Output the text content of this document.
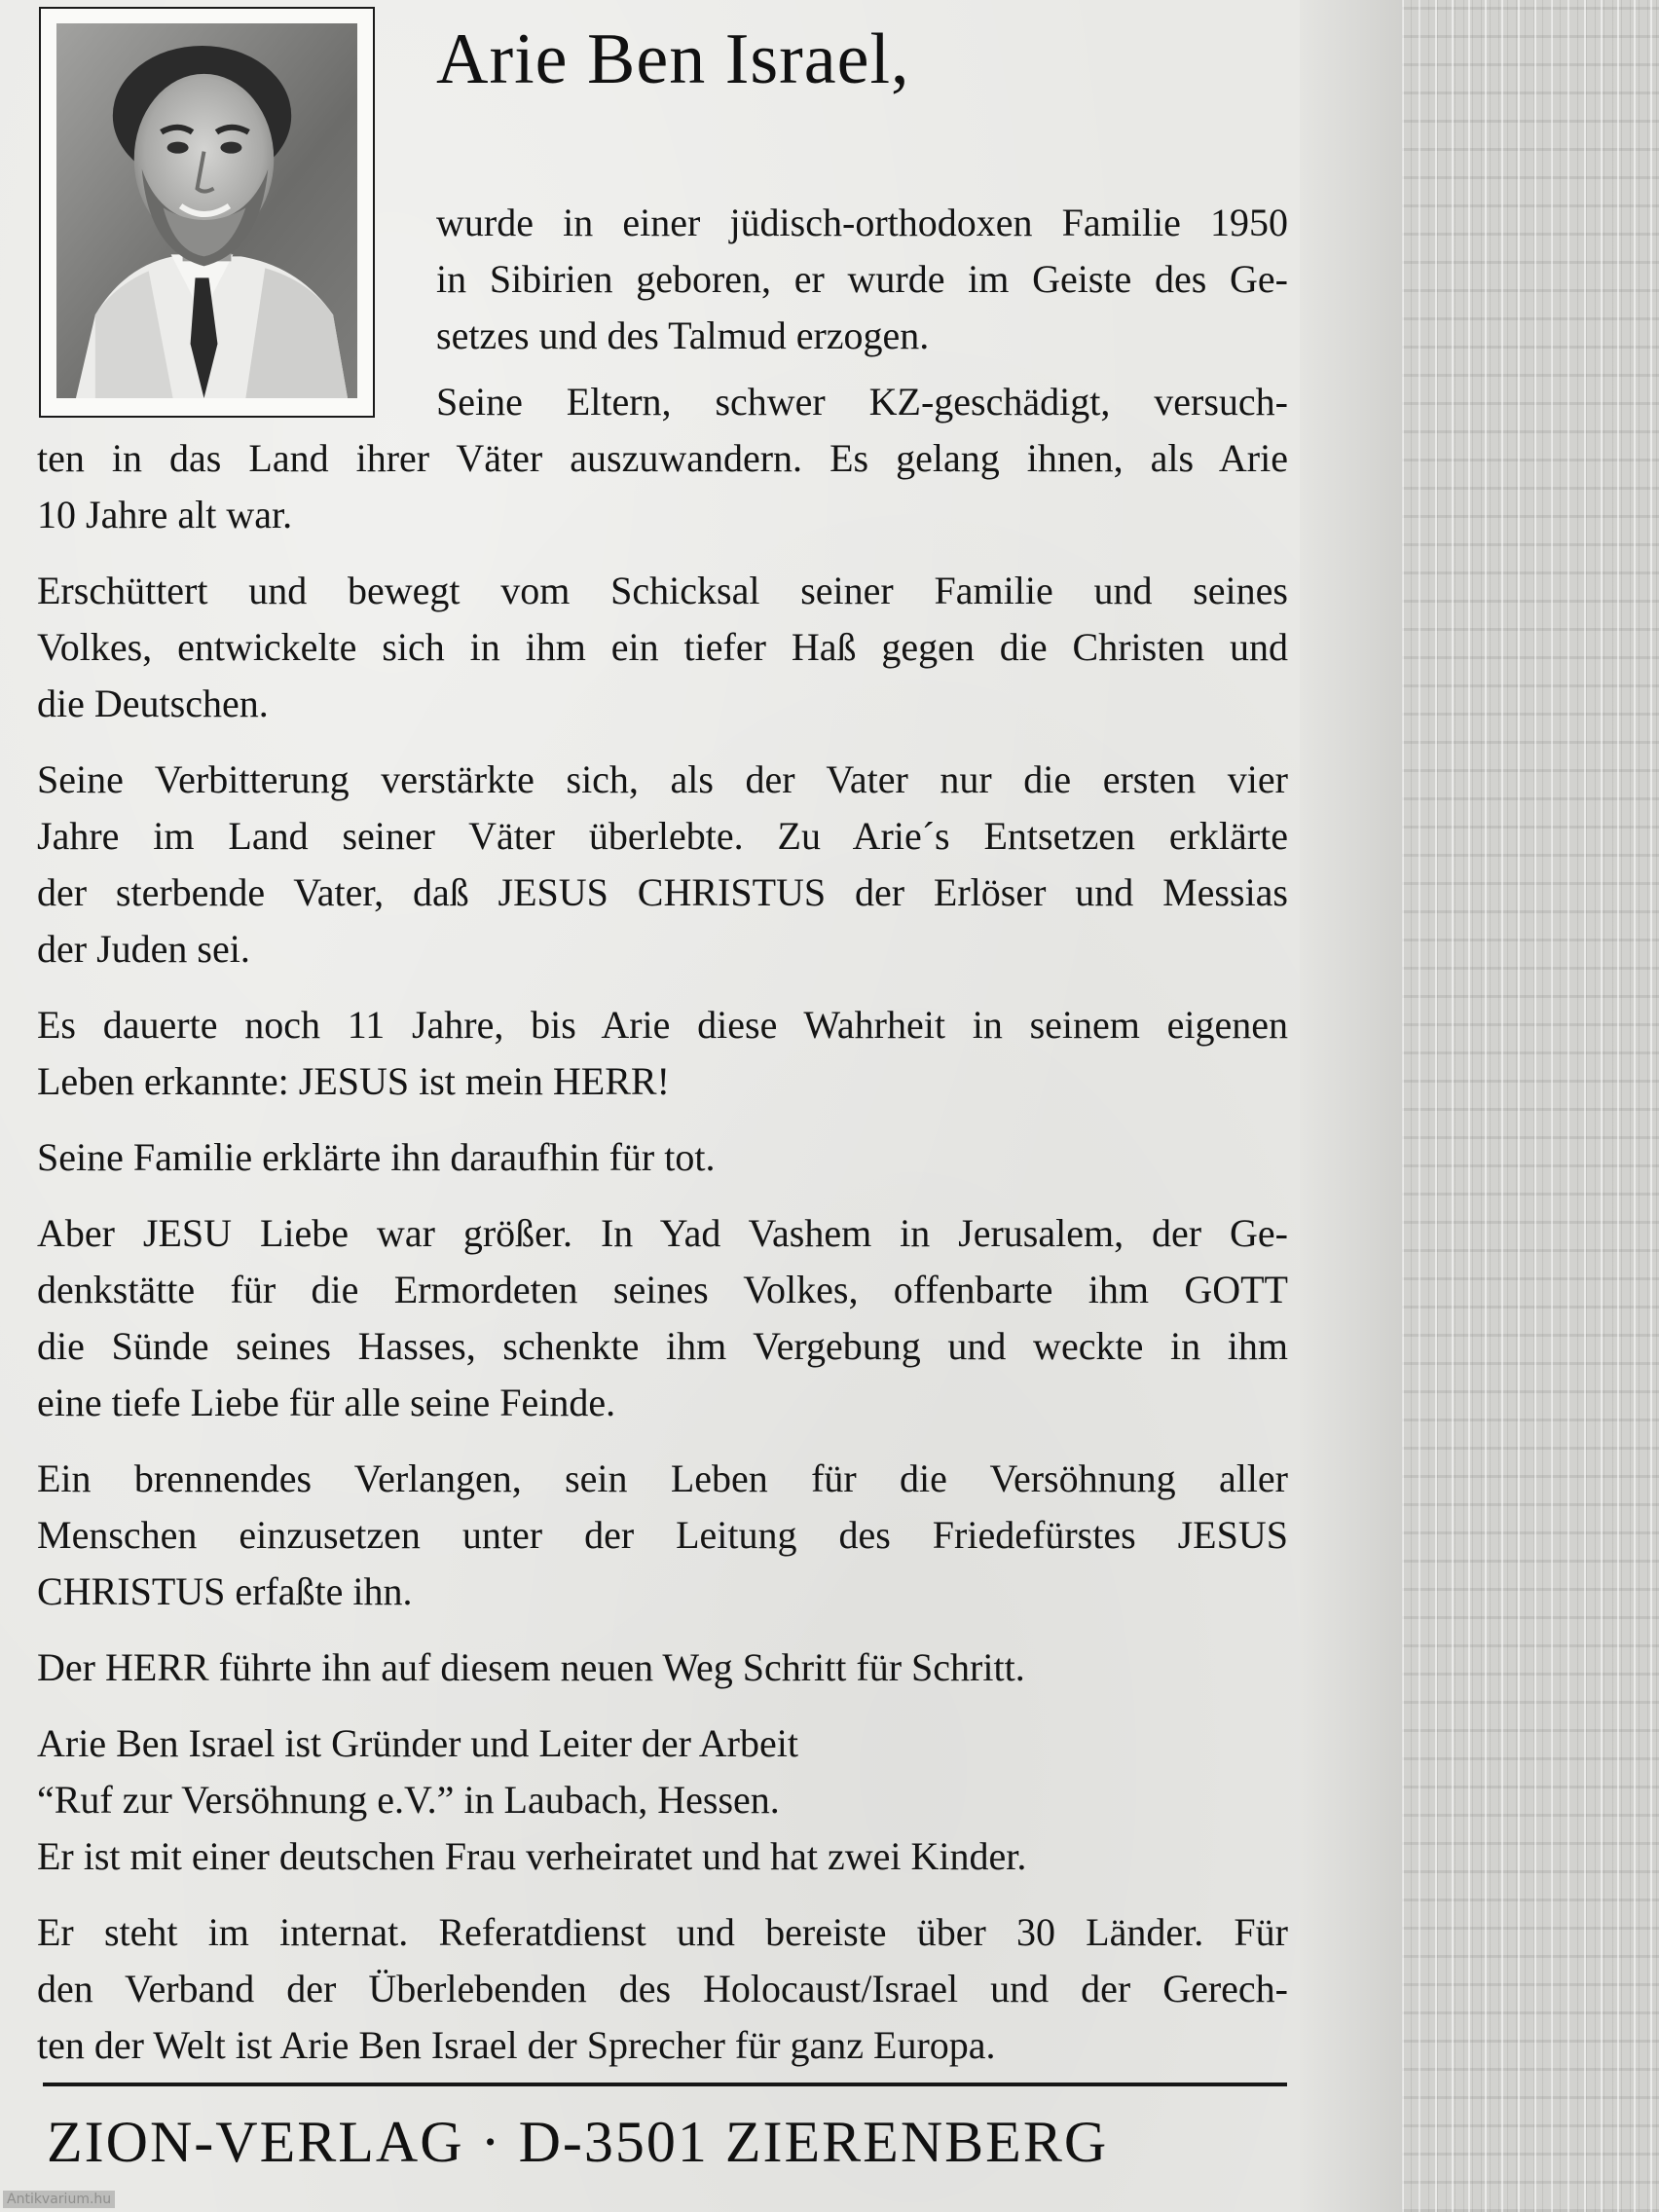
Arie Ben Israel,

wurde in einer jüdisch-orthodoxen Familie 1950
in Sibirien geboren, er wurde im Geiste des Ge-
setzes und des Talmud erzogen.

Seine Eltern, schwer KZ-geschädigt, versuch-
ten in das Land ihrer Väter auszuwandern. Es gelang ihnen, als Arie
10 Jahre alt war.

Erschüttert und bewegt vom Schicksal seiner Familie und seines
Volkes, entwickelte sich in ihm ein tiefer Haß gegen die Christen und
die Deutschen.

Seine Verbitterung verstärkte sich, als der Vater nur die ersten vier
Jahre im Land seiner Väter überlebte. Zu Arie´s Entsetzen erklärte
der sterbende Vater, daß JESUS CHRISTUS der Erlöser und Messias
der Juden sei.

Es dauerte noch 11 Jahre, bis Arie diese Wahrheit in seinem eigenen
Leben erkannte: JESUS ist mein HERR!

Seine Familie erklärte ihn daraufhin für tot.

Aber JESU Liebe war größer. In Yad Vashem in Jerusalem, der Ge-
denkstätte für die Ermordeten seines Volkes, offenbarte ihm GOTT
die Sünde seines Hasses, schenkte ihm Vergebung und weckte in ihm
eine tiefe Liebe für alle seine Feinde.

Ein brennendes Verlangen, sein Leben für die Versöhnung aller
Menschen einzusetzen unter der Leitung des Friedefürstes JESUS
CHRISTUS erfaßte ihn.

Der HERR führte ihn auf diesem neuen Weg Schritt für Schritt.

Arie Ben Israel ist Gründer und Leiter der Arbeit
“Ruf zur Versöhnung e.V.” in Laubach, Hessen.
Er ist mit einer deutschen Frau verheiratet und hat zwei Kinder.

Er steht im internat. Referatdienst und bereiste über 30 Länder. Für
den Verband der Überlebenden des Holocaust/Israel und der Gerech-
ten der Welt ist Arie Ben Israel der Sprecher für ganz Europa.

ZION-VERLAG · D-3501 ZIERENBERG

Antikvarium.hu
